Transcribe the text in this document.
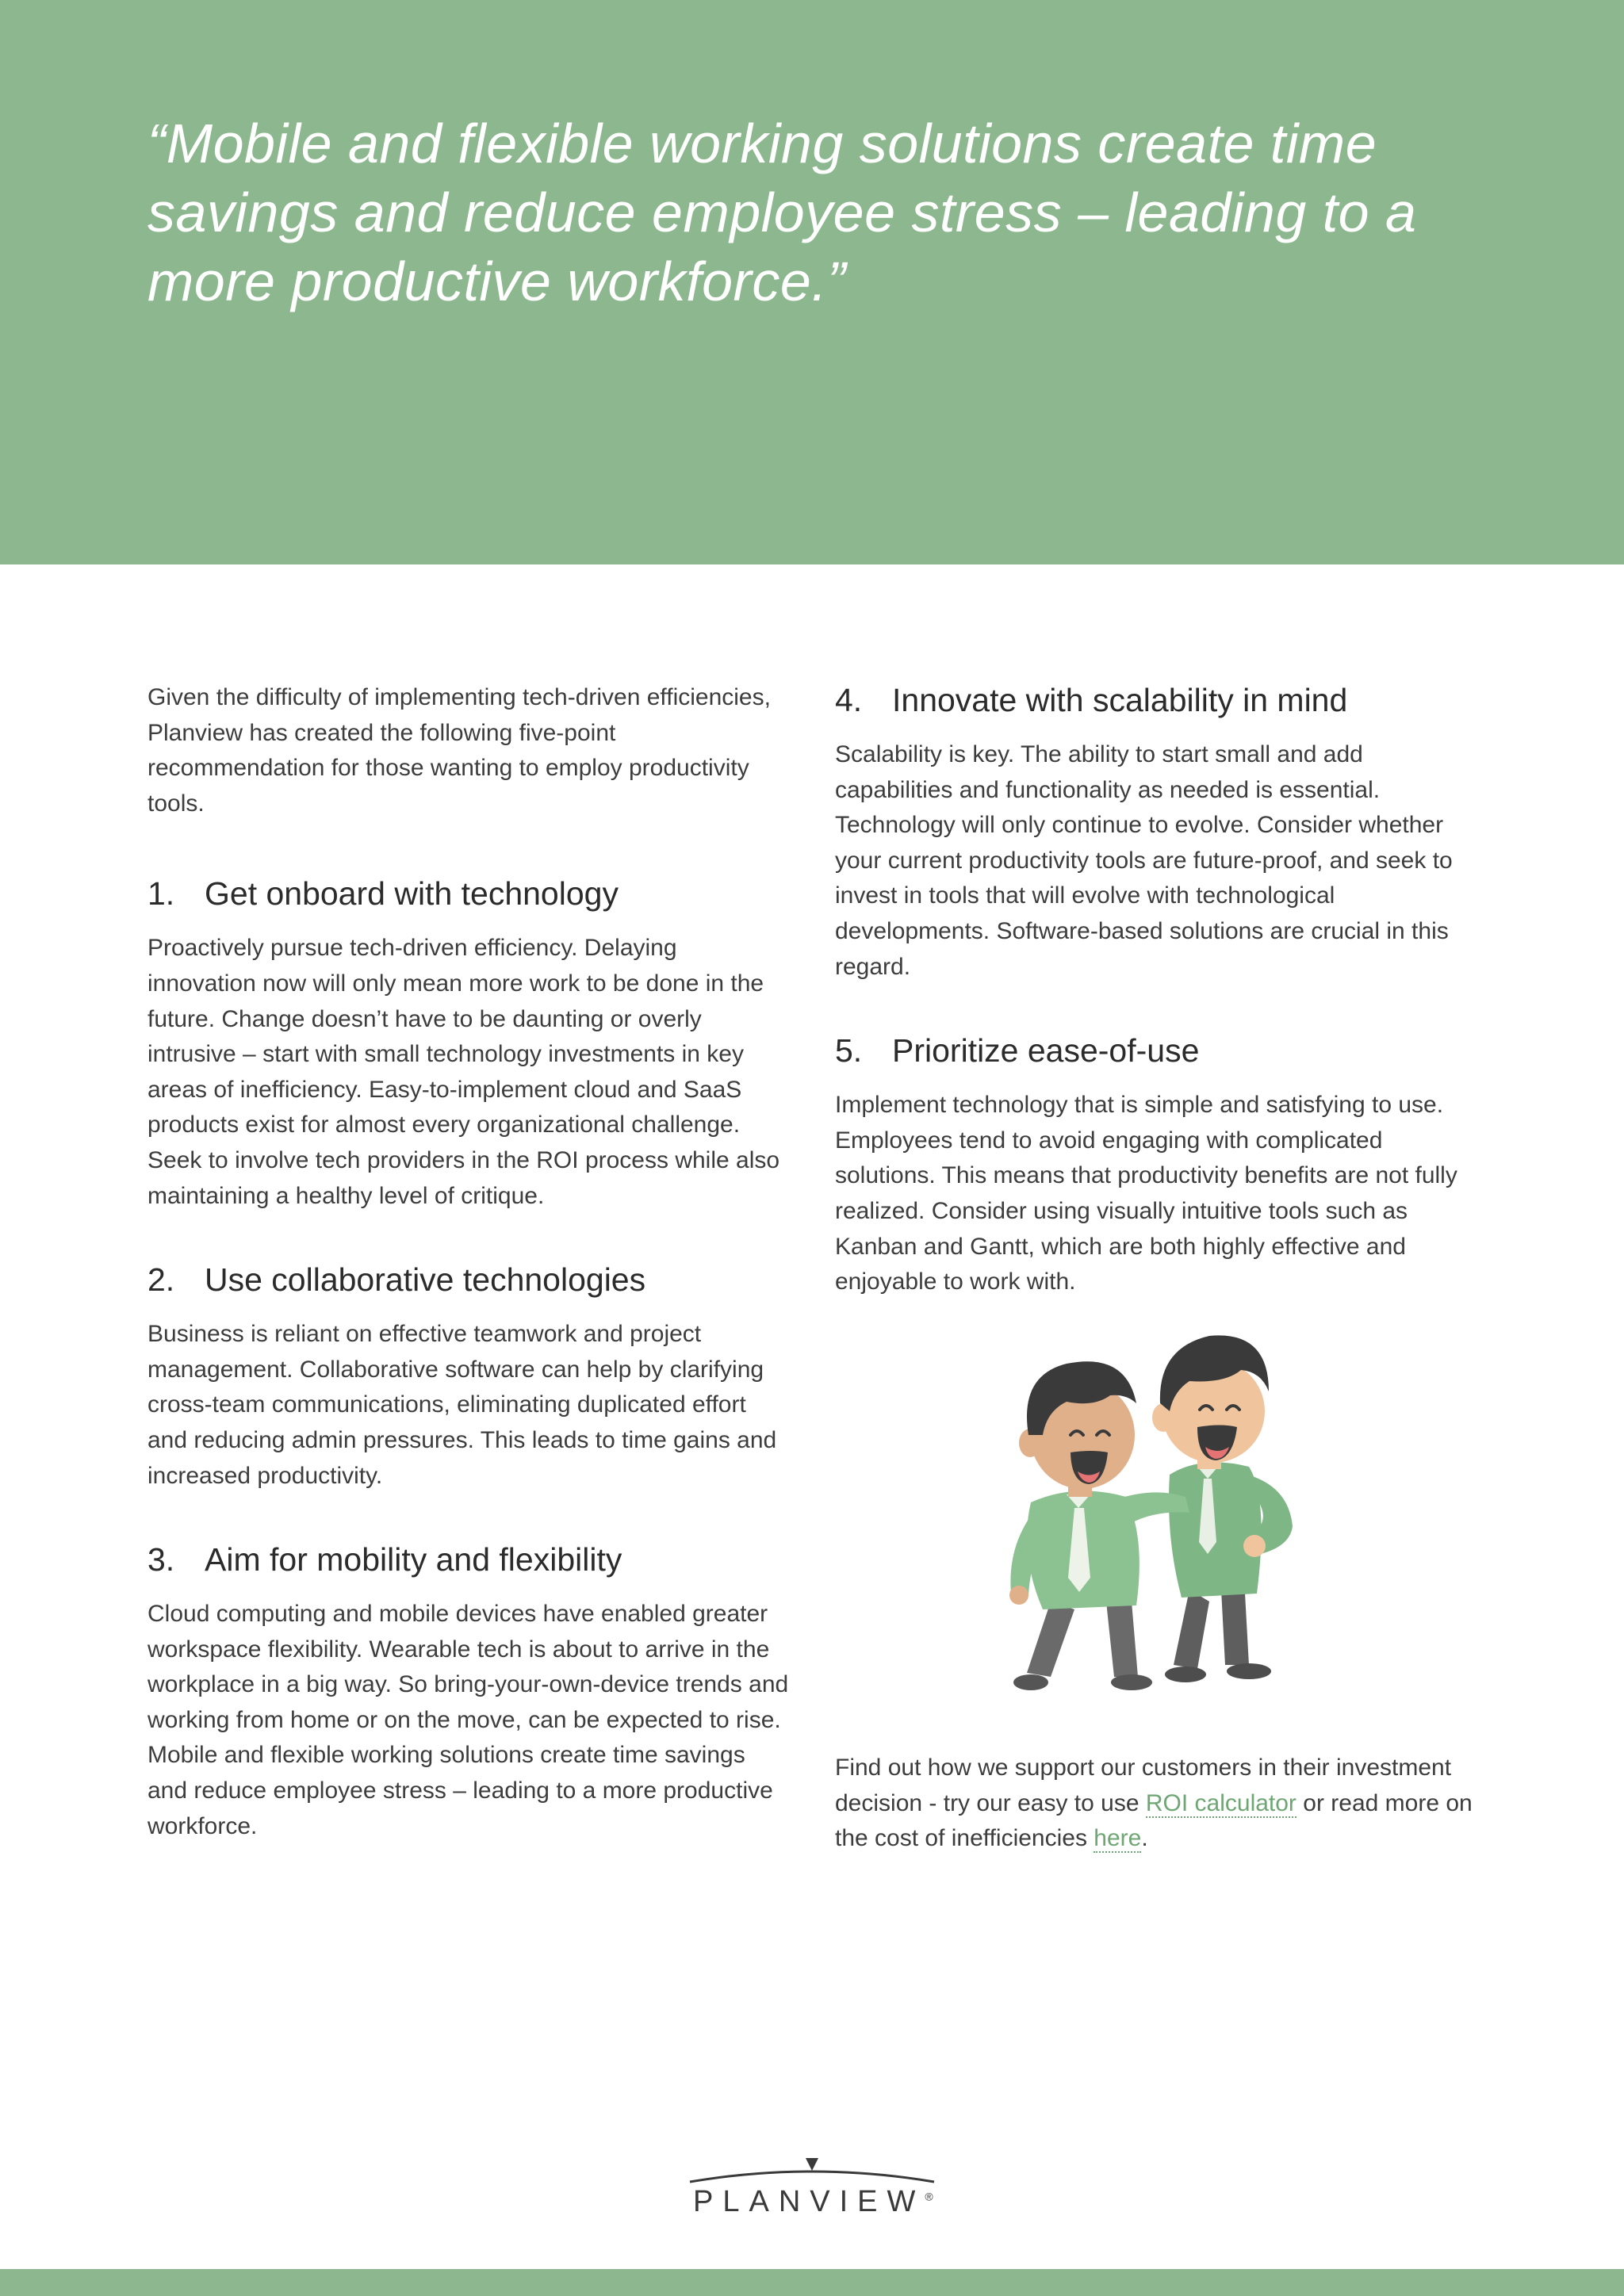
“Mobile and flexible working solutions create time savings and reduce employee stress – leading to a more productive workforce.”

Given the difficulty of implementing tech-driven efficiencies, Planview has created the following five-point recommendation for those wanting to employ productivity tools.

1. Get onboard with technology

Proactively pursue tech-driven efficiency. Delaying innovation now will only mean more work to be done in the future. Change doesn’t have to be daunting or overly intrusive – start with small technology investments in key areas of inefficiency. Easy-to-implement cloud and SaaS products exist for almost every organizational challenge. Seek to involve tech providers in the ROI process while also maintaining a healthy level of critique.

2. Use collaborative technologies

Business is reliant on effective teamwork and project management. Collaborative software can help by clarifying cross-team communications, eliminating duplicated effort and reducing admin pressures. This leads to time gains and increased productivity.

3. Aim for mobility and flexibility

Cloud computing and mobile devices have enabled greater workspace flexibility. Wearable tech is about to arrive in the workplace in a big way. So bring-your-own-device trends and working from home or on the move, can be expected to rise. Mobile and flexible working solutions create time savings and reduce employee stress – leading to a more productive workforce.

4. Innovate with scalability in mind

Scalability is key. The ability to start small and add capabilities and functionality as needed is essential. Technology will only continue to evolve. Consider whether your current productivity tools are future-proof, and seek to invest in tools that will evolve with technological developments. Software-based solutions are crucial in this regard.

5. Prioritize ease-of-use

Implement technology that is simple and satisfying to use. Employees tend to avoid engaging with complicated solutions. This means that productivity benefits are not fully realized. Consider using visually intuitive tools such as Kanban and Gantt, which are both highly effective and enjoyable to work with.

Find out how we support our customers in their investment decision - try our easy to use ROI calculator or read more on the cost of inefficiencies here.

PLANVIEW®
